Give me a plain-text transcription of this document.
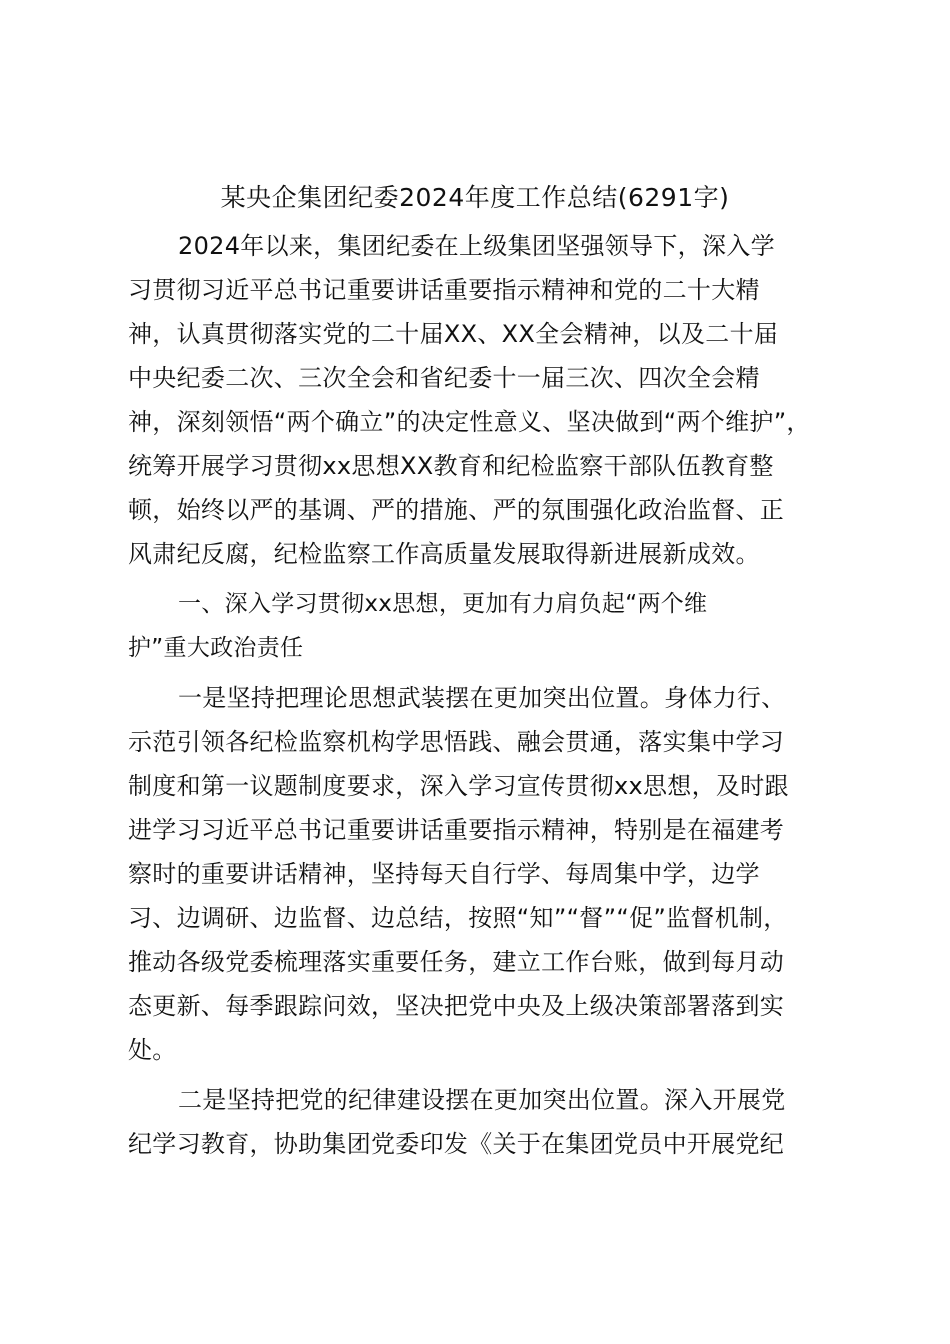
某央企集团纪委2024年度工作总结(6291字)
2024年以来，集团纪委在上级集团坚强领导下，深入学
习贯彻习近平总书记重要讲话重要指示精神和党的二十大精
神，认真贯彻落实党的二十届XX、XX全会精神，以及二十届
中央纪委二次、三次全会和省纪委十一届三次、四次全会精
神，深刻领悟“两个确立”的决定性意义、坚决做到“两个维护”，
统筹开展学习贯彻xx思想XX教育和纪检监察干部队伍教育整
顿，始终以严的基调、严的措施、严的氛围强化政治监督、正
风肃纪反腐，纪检监察工作高质量发展取得新进展新成效。
一、深入学习贯彻xx思想，更加有力肩负起“两个维
护”重大政治责任
一是坚持把理论思想武装摆在更加突出位置。身体力行、
示范引领各纪检监察机构学思悟践、融会贯通，落实集中学习
制度和第一议题制度要求，深入学习宣传贯彻xx思想，及时跟
进学习习近平总书记重要讲话重要指示精神，特别是在福建考
察时的重要讲话精神，坚持每天自行学、每周集中学，边学
习、边调研、边监督、边总结，按照“知”“督”“促”监督机制，
推动各级党委梳理落实重要任务，建立工作台账，做到每月动
态更新、每季跟踪问效，坚决把党中央及上级决策部署落到实
处。
二是坚持把党的纪律建设摆在更加突出位置。深入开展党
纪学习教育，协助集团党委印发《关于在集团党员中开展党纪
